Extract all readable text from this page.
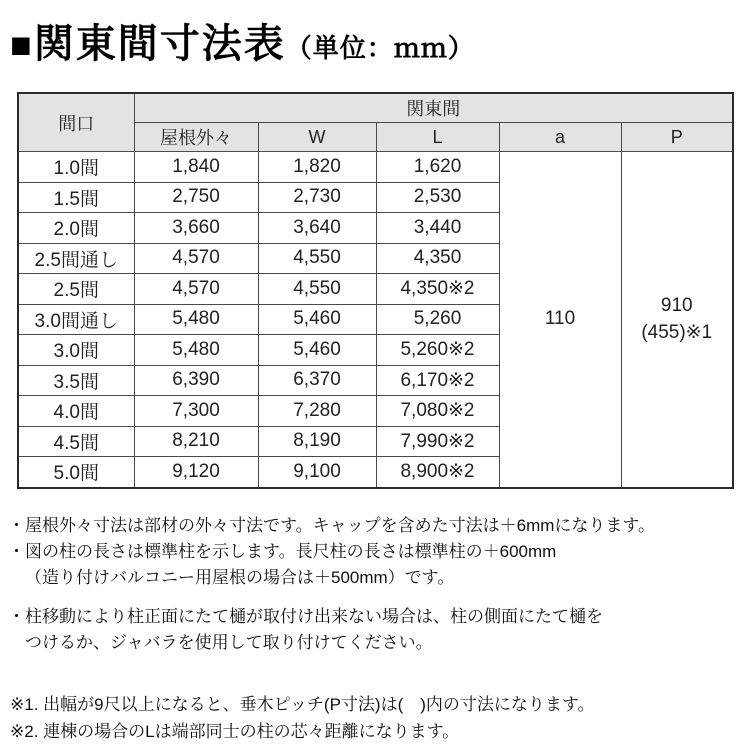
■ 関東間寸法表 （単位：ｍｍ）
間口	関東間				
	屋根外々	W	L	a	P
1.0間	1,840	1,820	1,620	110	910
(455)※1
1.5間	2,750	2,730	2,530		
2.0間	3,660	3,640	3,440		
2.5間通し	4,570	4,550	4,350		
2.5間	4,570	4,550	4,350※2		
3.0間通し	5,480	5,460	5,260		
3.0間	5,480	5,460	5,260※2		
3.5間	6,390	6,370	6,170※2		
4.0間	7,300	7,280	7,080※2		
4.5間	8,210	8,190	7,990※2		
5.0間	9,120	9,100	8,900※2		
・屋根外々寸法は部材の外々寸法です。キャップを含めた寸法は＋6mmになります。
・図の柱の長さは標準柱を示します。長尺柱の長さは標準柱の＋600mm
（造り付けバルコニー用屋根の場合は＋500mm）です。
・柱移動により柱正面にたて樋が取付け出来ない場合は、柱の側面にたて樋を
つけるか、ジャバラを使用して取り付けてください。
※1. 出幅が9尺以上になると、垂木ピッチ(P寸法)は(　)内の寸法になります。
※2. 連棟の場合のLは端部同士の柱の芯々距離になります。
